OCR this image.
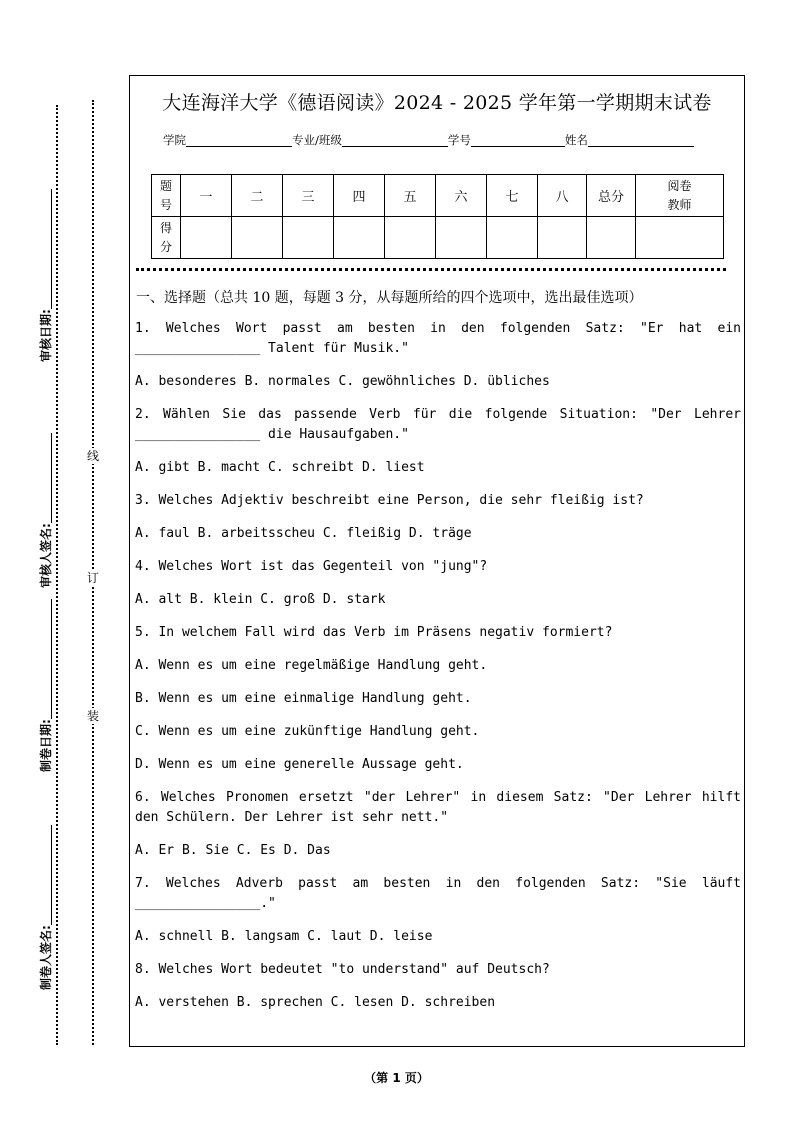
审核日期:
审核人签名:
制卷日期:
制卷人签名:
线
订
装
大连海洋大学《德语阅读》2024 - 2025 学年第一学期期末试卷
学院	专业/班级	学号	姓名
题
号	一	二	三	四	五	六	七	八	总分	阅卷
教师
得
分										
一、选择题（总共 10 题，每题 3 分，从每题所给的四个选项中，选出最佳选项）
1. Welches Wort passt am besten in den folgenden Satz: "Er hat ein ________________ Talent für Musik."
A. besonderes B. normales C. gewöhnliches D. übliches
2. Wählen Sie das passende Verb für die folgende Situation: "Der Lehrer ________________ die Hausaufgaben."
A. gibt B. macht C. schreibt D. liest
3. Welches Adjektiv beschreibt eine Person, die sehr fleißig ist?
A. faul B. arbeitsscheu C. fleißig D. träge
4. Welches Wort ist das Gegenteil von "jung"?
A. alt B. klein C. groß D. stark
5. In welchem Fall wird das Verb im Präsens negativ formiert?
A. Wenn es um eine regelmäßige Handlung geht.
B. Wenn es um eine einmalige Handlung geht.
C. Wenn es um eine zukünftige Handlung geht.
D. Wenn es um eine generelle Aussage geht.
6. Welches Pronomen ersetzt "der Lehrer" in diesem Satz: "Der Lehrer hilft den Schülern. Der Lehrer ist sehr nett."
A. Er B. Sie C. Es D. Das
7. Welches Adverb passt am besten in den folgenden Satz: "Sie läuft ________________."
A. schnell B. langsam C. laut D. leise
8. Welches Wort bedeutet "to understand" auf Deutsch?
A. verstehen B. sprechen C. lesen D. schreiben
（第 1 页）
